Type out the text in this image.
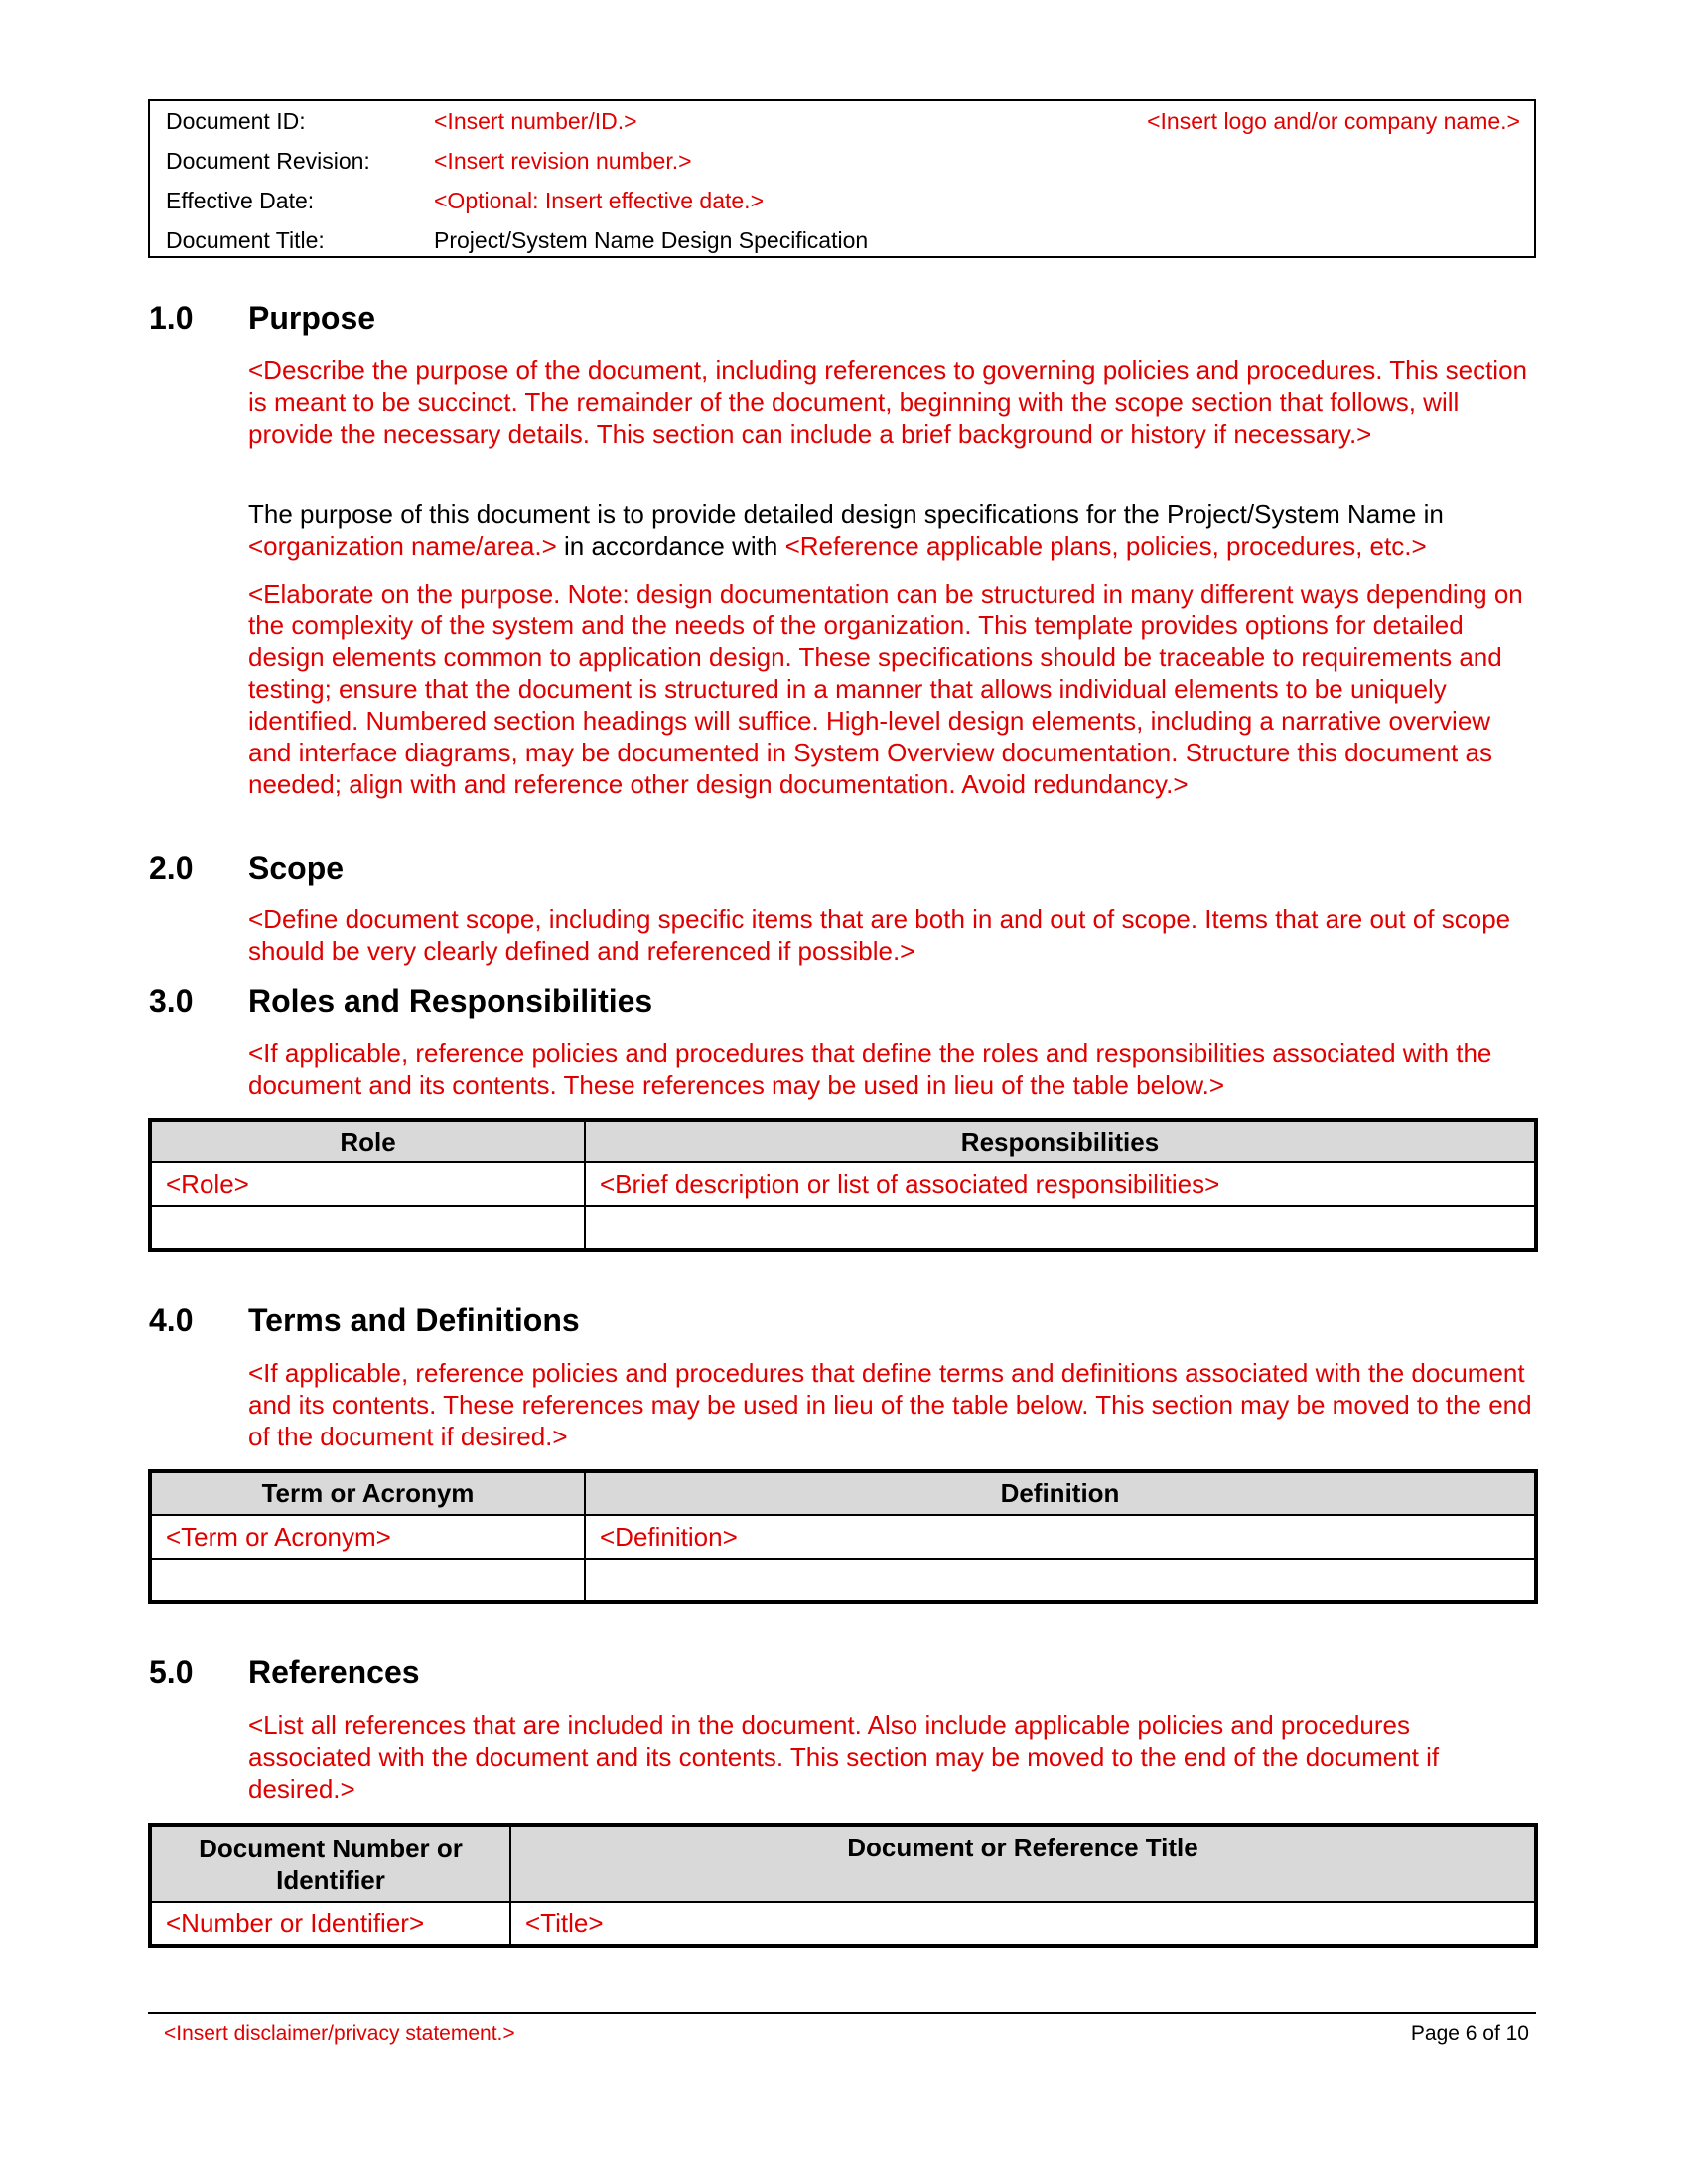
Document ID:	<Insert number/ID.>
Document Revision:	<Insert revision number.>
Effective Date:	<Optional: Insert effective date.>
Document Title:	Project/System Name Design Specification
<Insert logo and/or company name.>
1.0 Purpose

<Describe the purpose of the document, including references to governing policies and procedures. This section is meant to be succinct. The remainder of the document, beginning with the scope section that follows, will provide the necessary details. This section can include a brief background or history if necessary.>

The purpose of this document is to provide detailed design specifications for the Project/System Name in <organization name/area.> in accordance with <Reference applicable plans, policies, procedures, etc.>

<Elaborate on the purpose. Note: design documentation can be structured in many different ways depending on the complexity of the system and the needs of the organization. This template provides options for detailed design elements common to application design. These specifications should be traceable to requirements and testing; ensure that the document is structured in a manner that allows individual elements to be uniquely identified. Numbered section headings will suffice. High-level design elements, including a narrative overview and interface diagrams, may be documented in System Overview documentation. Structure this document as needed; align with and reference other design documentation. Avoid redundancy.>

2.0 Scope

<Define document scope, including specific items that are both in and out of scope. Items that are out of scope should be very clearly defined and referenced if possible.>

3.0 Roles and Responsibilities

<If applicable, reference policies and procedures that define the roles and responsibilities associated with the document and its contents. These references may be used in lieu of the table below.>

Role	Responsibilities
<Role>	<Brief description or list of associated responsibilities>

4.0 Terms and Definitions

<If applicable, reference policies and procedures that define terms and definitions associated with the document and its contents. These references may be used in lieu of the table below. This section may be moved to the end of the document if desired.>

Term or Acronym	Definition
<Term or Acronym>	<Definition>

5.0 References

<List all references that are included in the document. Also include applicable policies and procedures associated with the document and its contents. This section may be moved to the end of the document if desired.>

Document Number or Identifier	Document or Reference Title
<Number or Identifier>	<Title>
<Insert disclaimer/privacy statement.>	Page 6 of 10
